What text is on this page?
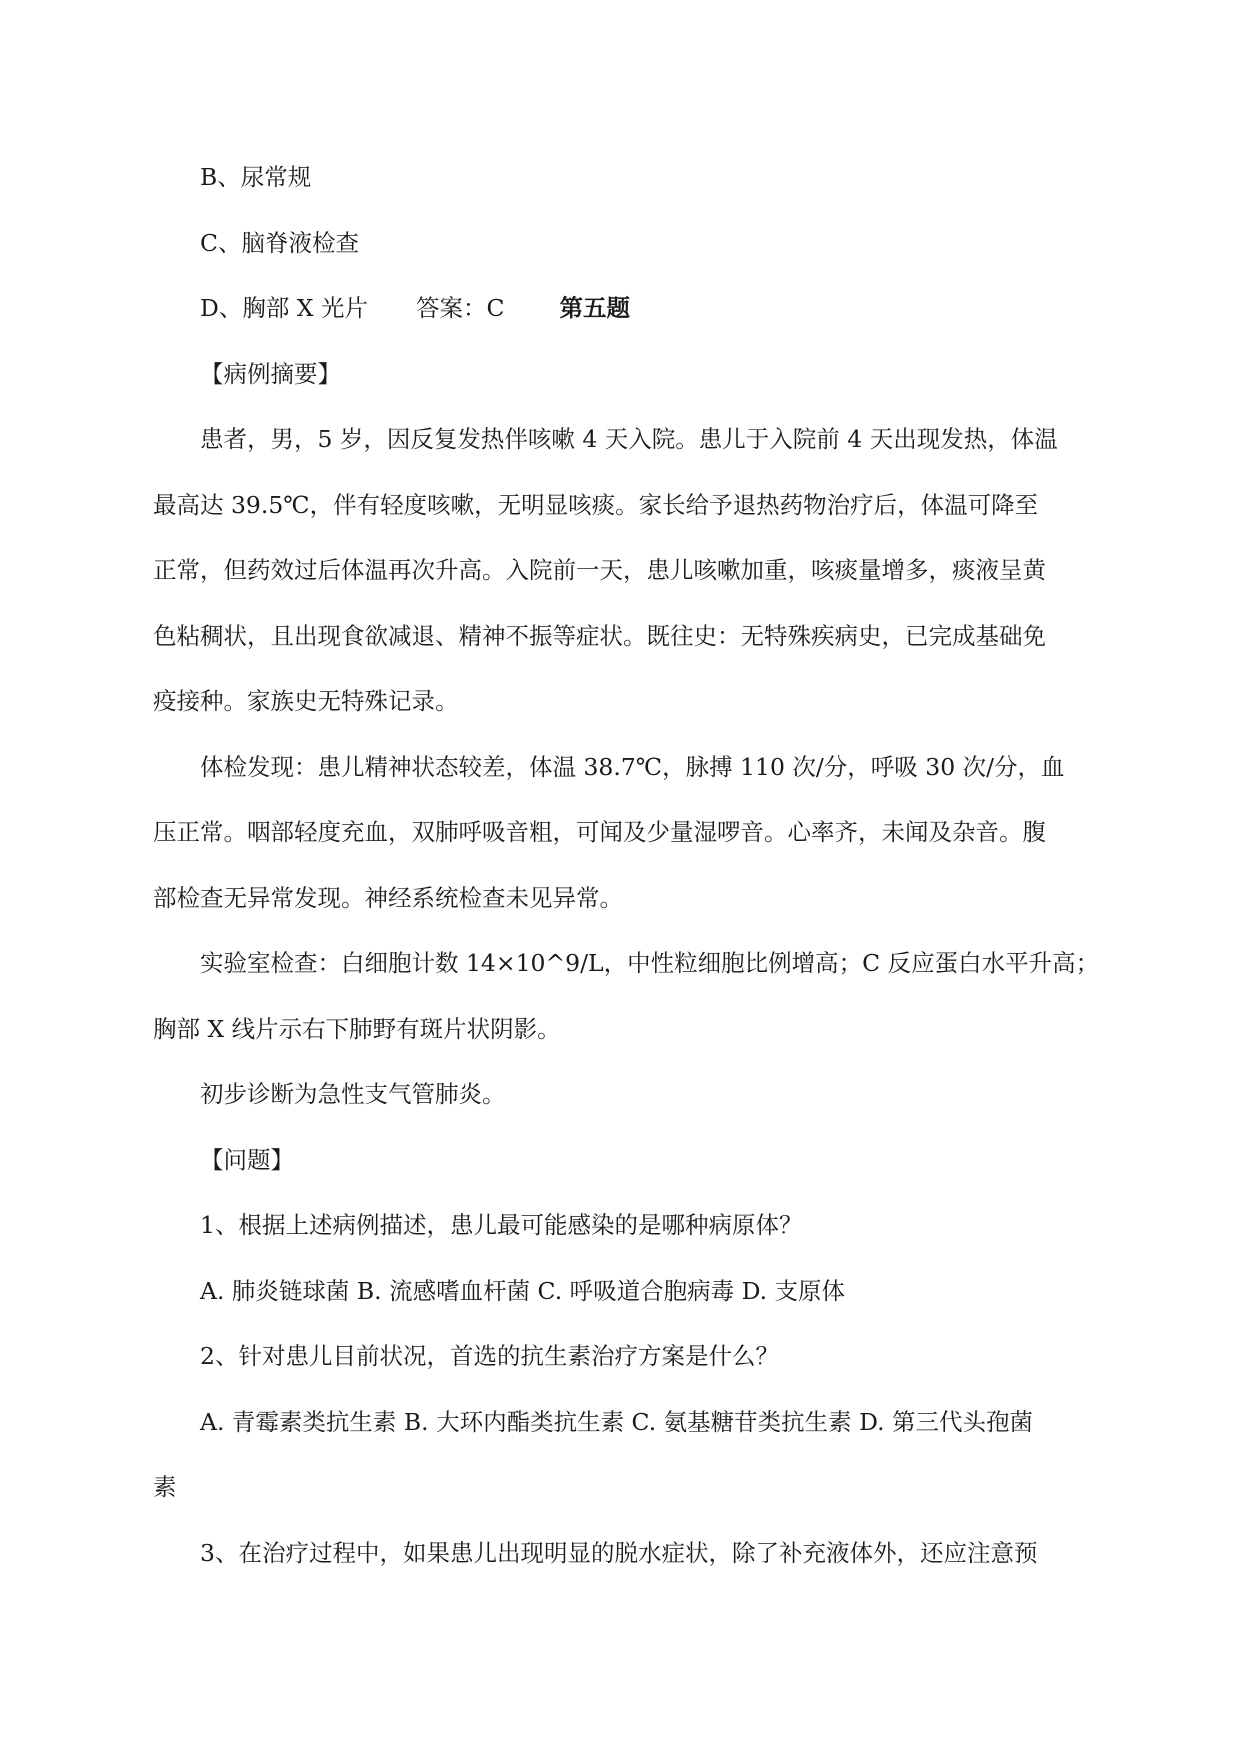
B、尿常规

C、脑脊液检查

D、胸部 X 光片 答案：C 第五题

【病例摘要】

患者，男，5 岁，因反复发热伴咳嗽 4 天入院。患儿于入院前 4 天出现发热，体温

最高达 39.5℃，伴有轻度咳嗽，无明显咳痰。家长给予退热药物治疗后，体温可降至

正常，但药效过后体温再次升高。入院前一天，患儿咳嗽加重，咳痰量增多，痰液呈黄

色粘稠状，且出现食欲减退、精神不振等症状。既往史：无特殊疾病史，已完成基础免

疫接种。家族史无特殊记录。

体检发现：患儿精神状态较差，体温 38.7℃，脉搏 110 次/分，呼吸 30 次/分，血

压正常。咽部轻度充血，双肺呼吸音粗，可闻及少量湿啰音。心率齐，未闻及杂音。腹

部检查无异常发现。神经系统检查未见异常。

实验室检查：白细胞计数 14×10^9/L，中性粒细胞比例增高；C 反应蛋白水平升高；

胸部 X 线片示右下肺野有斑片状阴影。

初步诊断为急性支气管肺炎。

【问题】

1、根据上述病例描述，患儿最可能感染的是哪种病原体？

A. 肺炎链球菌 B. 流感嗜血杆菌 C. 呼吸道合胞病毒 D. 支原体

2、针对患儿目前状况，首选的抗生素治疗方案是什么？

A. 青霉素类抗生素 B. 大环内酯类抗生素 C. 氨基糖苷类抗生素 D. 第三代头孢菌

素

3、在治疗过程中，如果患儿出现明显的脱水症状，除了补充液体外，还应注意预
